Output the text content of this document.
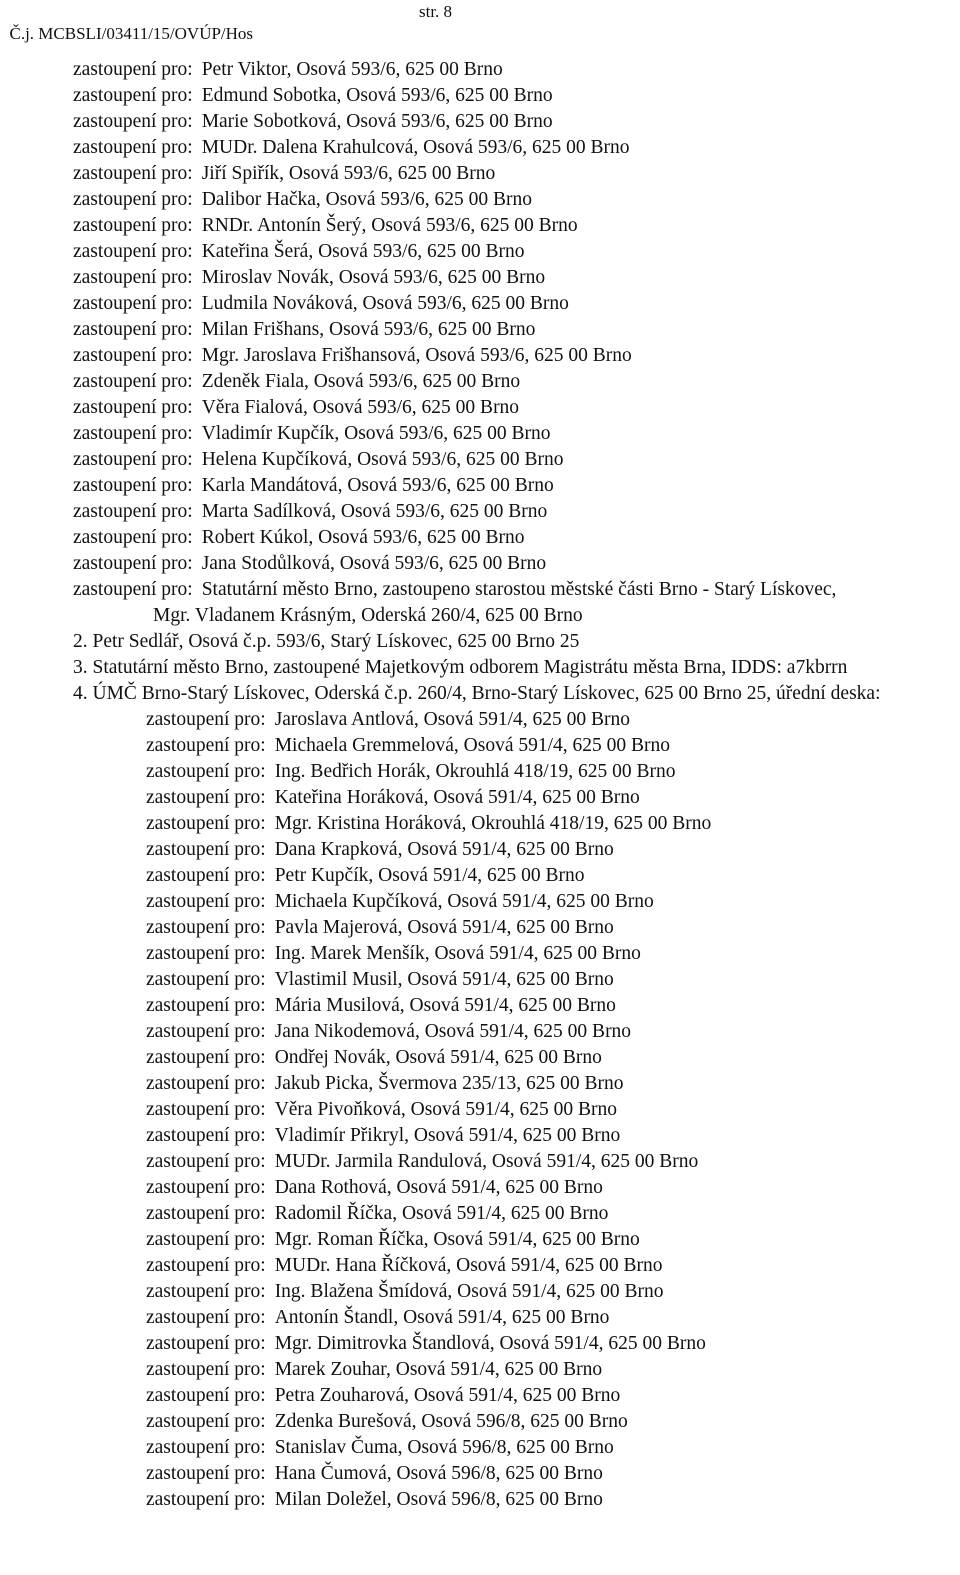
Č.j. MCBSLI/03411/15/OVÚP/Hos

str. 8

zastoupení pro: Petr Viktor, Osová 593/6, 625 00 Brno
zastoupení pro: Edmund Sobotka, Osová 593/6, 625 00 Brno
zastoupení pro: Marie Sobotková, Osová 593/6, 625 00 Brno
zastoupení pro: MUDr. Dalena Krahulcová, Osová 593/6, 625 00 Brno
zastoupení pro: Jiří Spiřík, Osová 593/6, 625 00 Brno
zastoupení pro: Dalibor Hačka, Osová 593/6, 625 00 Brno
zastoupení pro: RNDr. Antonín Šerý, Osová 593/6, 625 00 Brno
zastoupení pro: Kateřina Šerá, Osová 593/6, 625 00 Brno
zastoupení pro: Miroslav Novák, Osová 593/6, 625 00 Brno
zastoupení pro: Ludmila Nováková, Osová 593/6, 625 00 Brno
zastoupení pro: Milan Frišhans, Osová 593/6, 625 00 Brno
zastoupení pro: Mgr. Jaroslava Frišhansová, Osová 593/6, 625 00 Brno
zastoupení pro: Zdeněk Fiala, Osová 593/6, 625 00 Brno
zastoupení pro: Věra Fialová, Osová 593/6, 625 00 Brno
zastoupení pro: Vladimír Kupčík, Osová 593/6, 625 00 Brno
zastoupení pro: Helena Kupčíková, Osová 593/6, 625 00 Brno
zastoupení pro: Karla Mandátová, Osová 593/6, 625 00 Brno
zastoupení pro: Marta Sadílková, Osová 593/6, 625 00 Brno
zastoupení pro: Robert Kúkol, Osová 593/6, 625 00 Brno
zastoupení pro: Jana Stodůlková, Osová 593/6, 625 00 Brno
zastoupení pro: Statutární město Brno, zastoupeno starostou městské části Brno - Starý Lískovec,
Mgr. Vladanem Krásným, Oderská 260/4, 625 00 Brno
2. Petr Sedlář, Osová č.p. 593/6, Starý Lískovec, 625 00 Brno 25
3. Statutární město Brno, zastoupené Majetkovým odborem Magistrátu města Brna, IDDS: a7kbrrn
4. ÚMČ Brno-Starý Lískovec, Oderská č.p. 260/4, Brno-Starý Lískovec, 625 00 Brno 25, úřední deska:
zastoupení pro: Jaroslava Antlová, Osová 591/4, 625 00 Brno
zastoupení pro: Michaela Gremmelová, Osová 591/4, 625 00 Brno
zastoupení pro: Ing. Bedřich Horák, Okrouhlá 418/19, 625 00 Brno
zastoupení pro: Kateřina Horáková, Osová 591/4, 625 00 Brno
zastoupení pro: Mgr. Kristina Horáková, Okrouhlá 418/19, 625 00 Brno
zastoupení pro: Dana Krapková, Osová 591/4, 625 00 Brno
zastoupení pro: Petr Kupčík, Osová 591/4, 625 00 Brno
zastoupení pro: Michaela Kupčíková, Osová 591/4, 625 00 Brno
zastoupení pro: Pavla Majerová, Osová 591/4, 625 00 Brno
zastoupení pro: Ing. Marek Menšík, Osová 591/4, 625 00 Brno
zastoupení pro: Vlastimil Musil, Osová 591/4, 625 00 Brno
zastoupení pro: Mária Musilová, Osová 591/4, 625 00 Brno
zastoupení pro: Jana Nikodemová, Osová 591/4, 625 00 Brno
zastoupení pro: Ondřej Novák, Osová 591/4, 625 00 Brno
zastoupení pro: Jakub Picka, Švermova 235/13, 625 00 Brno
zastoupení pro: Věra Pivoňková, Osová 591/4, 625 00 Brno
zastoupení pro: Vladimír Přikryl, Osová 591/4, 625 00 Brno
zastoupení pro: MUDr. Jarmila Randulová, Osová 591/4, 625 00 Brno
zastoupení pro: Dana Rothová, Osová 591/4, 625 00 Brno
zastoupení pro: Radomil Říčka, Osová 591/4, 625 00 Brno
zastoupení pro: Mgr. Roman Říčka, Osová 591/4, 625 00 Brno
zastoupení pro: MUDr. Hana Říčková, Osová 591/4, 625 00 Brno
zastoupení pro: Ing. Blažena Šmídová, Osová 591/4, 625 00 Brno
zastoupení pro: Antonín Štandl, Osová 591/4, 625 00 Brno
zastoupení pro: Mgr. Dimitrovka Štandlová, Osová 591/4, 625 00 Brno
zastoupení pro: Marek Zouhar, Osová 591/4, 625 00 Brno
zastoupení pro: Petra Zouharová, Osová 591/4, 625 00 Brno
zastoupení pro: Zdenka Burešová, Osová 596/8, 625 00 Brno
zastoupení pro: Stanislav Čuma, Osová 596/8, 625 00 Brno
zastoupení pro: Hana Čumová, Osová 596/8, 625 00 Brno
zastoupení pro: Milan Doležel, Osová 596/8, 625 00 Brno
